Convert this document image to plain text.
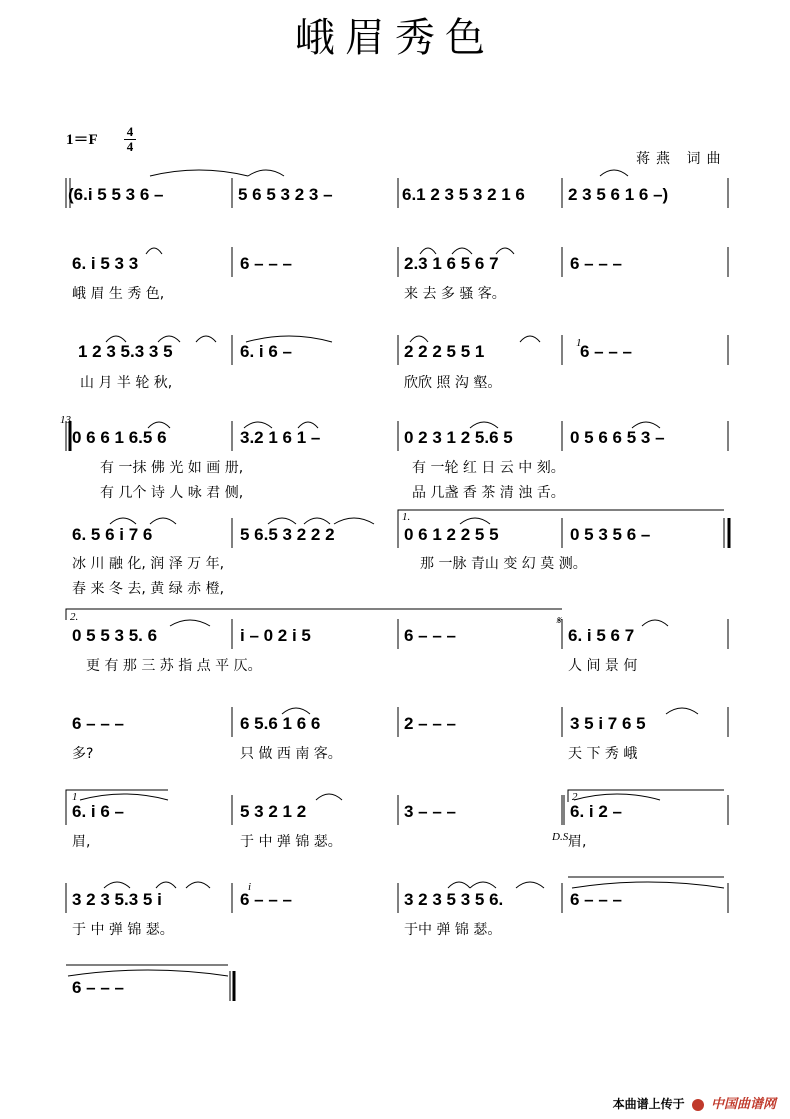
峨眉秀色
1＝F
4
4
蒋燕 词曲
(6.i 5 5 3 6 –	5 6 5 3 2 3 –	6.1 2 3 5 3 2 1 6	2 3 5 6 1 6 –)
6. i 5 3 3	6 – – –	2.3 1 6 5 6 7	6 – – –
1 2 3 5.3 3 5	6. i 6 –	2 2 2 5 5 1	6 – – –
0 6 6 1 6.5 6	3.2 1 6 1 –	0 2 3 1 2 5.6 5	0 5 6 6 5 3 –
6. 5 6 i 7 6	5 6.5 3 2 2 2	0 6 1 2 2 5 5	0 5 3 5 6 –
0 5 5 3 5. 6	i – 0 2 i 5	6 – – –	6. i 5 6 7
6 – – –	6 5.6 1 6 6	2 – – –	3 5 i 7 6 5
6. i 6 –	5 3 2 1 2	3 – – –	6. i 2 –
3 2 3 5.3 5 i	6 – – –	3 2 3 5 3 5 6.	6 – – –
6 – – –
峨 眉 生 秀 色,	来 去 多 骚 客。
山 月 半 轮 秋,	欣欣 照 沟 壑。
有 一抹 佛 光 如 画 册,	有 一轮 红 日 云 中 刻。
有 几个 诗 人 咏 君 侧,	品 几盏 香 茶 清 浊 舌。
冰 川 融 化, 润 泽 万 年,	那 一脉 青山 变 幻 莫 测。
春 来 冬 去, 黄 绿 赤 橙,
更 有 那 三 苏 指 点 平 仄。	人 间 景 何
多?	只 做 西 南 客。	天 下 秀 峨
眉,	于 中 弹 锦 瑟。	眉,
于 中 弹 锦 瑟。	于中 弹 锦 瑟。
13
1.
2.
1	2
1
i
D.S.
𝄋
本曲谱上传于 中国曲谱网
